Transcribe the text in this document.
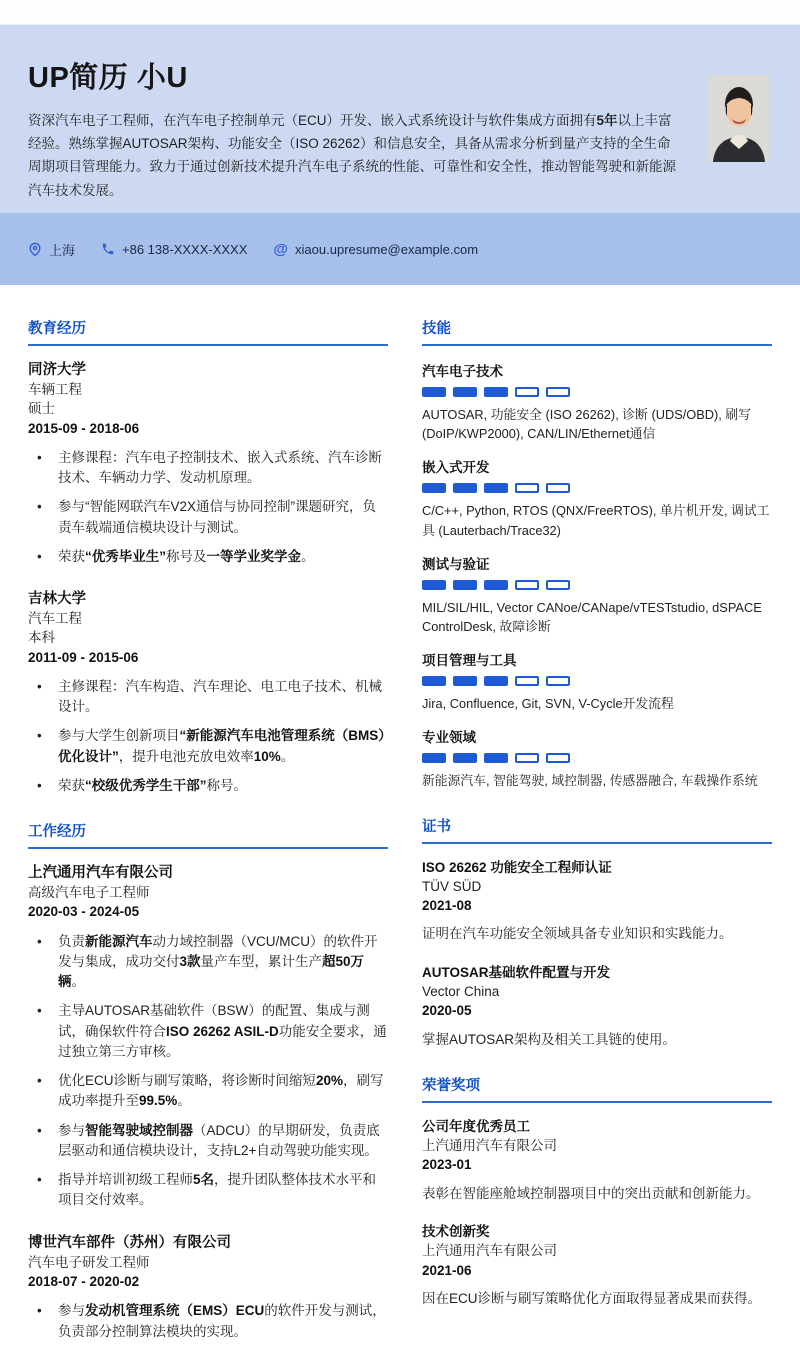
UP简历 小U

资深汽车电子工程师，在汽车电子控制单元（ECU）开发、嵌入式系统设计与软件集成方面拥有5年以上丰富经验。熟练掌握AUTOSAR架构、功能安全（ISO 26262）和信息安全，具备从需求分析到量产支持的全生命周期项目管理能力。致力于通过创新技术提升汽车电子系统的性能、可靠性和安全性，推动智能驾驶和新能源汽车技术发展。

上海	+86 138-XXXX-XXXX @ xiaou.upresume@example.com
教育经历
同济大学
车辆工程
硕士
2015-09 - 2018-06
• 主修课程：汽车电子控制技术、嵌入式系统、汽车诊断技术、车辆动力学、发动机原理。
• 参与“智能网联汽车V2X通信与协同控制”课题研究，负责车载端通信模块设计与测试。
• 荣获“优秀毕业生”称号及一等学业奖学金。
吉林大学
汽车工程
本科
2011-09 - 2015-06
• 主修课程：汽车构造、汽车理论、电工电子技术、机械设计。
• 参与大学生创新项目“新能源汽车电池管理系统（BMS）优化设计”，提升电池充放电效率10%。
• 荣获“校级优秀学生干部”称号。
工作经历
上汽通用汽车有限公司
高级汽车电子工程师
2020-03 - 2024-05
• 负责新能源汽车动力域控制器（VCU/MCU）的软件开发与集成，成功交付3款量产车型，累计生产超50万辆。
• 主导AUTOSAR基础软件（BSW）的配置、集成与测试，确保软件符合ISO 26262 ASIL-D功能安全要求，通过独立第三方审核。
• 优化ECU诊断与刷写策略，将诊断时间缩短20%，刷写成功率提升至99.5%。
• 参与智能驾驶域控制器（ADCU）的早期研发，负责底层驱动和通信模块设计，支持L2+自动驾驶功能实现。
• 指导并培训初级工程师5名，提升团队整体技术水平和项目交付效率。
博世汽车部件（苏州）有限公司
汽车电子研发工程师
2018-07 - 2020-02
• 参与发动机管理系统（EMS）ECU的软件开发与测试，负责部分控制算法模块的实现。
技能
汽车电子技术
AUTOSAR, 功能安全 (ISO 26262), 诊断 (UDS/OBD), 刷写 (DoIP/KWP2000), CAN/LIN/Ethernet通信
嵌入式开发
C/C++, Python, RTOS (QNX/FreeRTOS), 单片机开发, 调试工具 (Lauterbach/Trace32)
测试与验证
MIL/SIL/HIL, Vector CANoe/CANape/vTESTstudio, dSPACE ControlDesk, 故障诊断
项目管理与工具
Jira, Confluence, Git, SVN, V-Cycle开发流程
专业领域
新能源汽车, 智能驾驶, 域控制器, 传感器融合, 车载操作系统
证书
ISO 26262 功能安全工程师认证
TÜV SÜD
2021-08
证明在汽车功能安全领域具备专业知识和实践能力。
AUTOSAR基础软件配置与开发
Vector China
2020-05
掌握AUTOSAR架构及相关工具链的使用。
荣誉奖项
公司年度优秀员工
上汽通用汽车有限公司
2023-01
表彰在智能座舱域控制器项目中的突出贡献和创新能力。
技术创新奖
上汽通用汽车有限公司
2021-06
因在ECU诊断与刷写策略优化方面取得显著成果而获得。
